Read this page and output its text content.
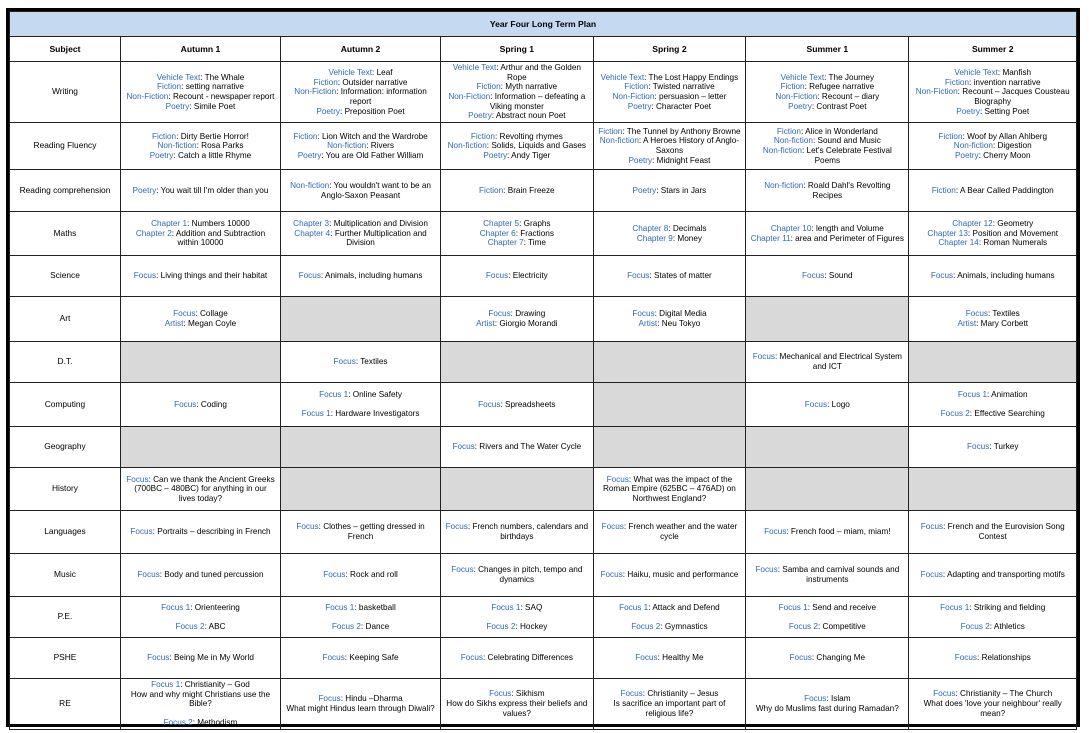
Year Four Long Term Plan						
Subject	Autumn 1	Autumn 2	Spring 1	Spring 2	Summer 1	Summer 2
Writing	Vehicle Text: The Whale
Fiction: setting narrative
Non-Fiction: Recount - newspaper report
Poetry: Simile Poet	Vehicle Text: Leaf
Fiction: Outsider narrative
Non-Fiction: Information: information report
Poetry: Preposition Poet	Vehicle Text: Arthur and the Golden Rope
Fiction: Myth narrative
Non-Fiction: Information – defeating a Viking monster
Poetry: Abstract noun Poet	Vehicle Text: The Lost Happy Endings
Fiction: Twisted narrative
Non-Fiction: persuasion – letter
Poetry: Character Poet	Vehicle Text: The Journey
Fiction: Refugee narrative
Non-Fiction: Recount – diary
Poetry: Contrast Poet	Vehicle Text: Manfish
Fiction: invention narrative
Non-Fiction: Recount – Jacques Cousteau Biography
Poetry: Setting Poet

Reading Fluency	Fiction: Dirty Bertie Horror!
Non-fiction: Rosa Parks
Poetry: Catch a little Rhyme	Fiction: Lion Witch and the Wardrobe
Non-fiction: Rivers
Poetry: You are Old Father William	Fiction: Revolting rhymes
Non-fiction: Solids, Liquids and Gases
Poetry: Andy Tiger	Fiction: The Tunnel by Anthony Browne
Non-fiction: A Heroes History of Anglo-Saxons
Poetry: Midnight Feast	Fiction: Alice in Wonderland
Non-fiction: Sound and Music
Non-fiction: Let's Celebrate Festival Poems	Fiction: Woof by Allan Ahlberg
Non-fiction: Digestion
Poetry: Cherry Moon

Reading comprehension	Poetry: You wait till I'm older than you	Non-fiction: You wouldn't want to be an Anglo-Saxon Peasant	Fiction: Brain Freeze	Poetry: Stars in Jars	Non-fiction: Roald Dahl's Revolting Recipes	Fiction: A Bear Called Paddington

Maths	Chapter 1: Numbers 10000
Chapter 2: Addition and Subtraction within 10000	Chapter 3: Multiplication and Division
Chapter 4: Further Multiplication and Division	Chapter 5: Graphs
Chapter 6: Fractions
Chapter 7: Time	Chapter 8: Decimals
Chapter 9: Money	Chapter 10: length and Volume
Chapter 11: area and Perimeter of Figures	Chapter 12: Geometry
Chapter 13: Position and Movement
Chapter 14: Roman Numerals

Science	Focus: Living things and their habitat	Focus: Animals, including humans	Focus: Electricity	Focus: States of matter	Focus: Sound	Focus: Animals, including humans

Art	Focus: Collage
Artist: Megan Coyle		Focus: Drawing
Artist: Giorgio Morandi	Focus: Digital Media
Artist: Neu Tokyo		Focus: Textiles
Artist: Mary Corbett

D.T.		Focus: Textiles			Focus: Mechanical and Electrical System and ICT	

Computing	Focus: Coding	Focus 1: Online Safety
Focus 1: Hardware Investigators	Focus: Spreadsheets		Focus: Logo	Focus 1: Animation
Focus 2: Effective Searching

Geography			Focus: Rivers and The Water Cycle			Focus: Turkey

History	Focus: Can we thank the Ancient Greeks (700BC – 480BC) for anything in our lives today?			Focus: What was the impact of the Roman Empire (625BC – 476AD) on Northwest England?		

Languages	Focus: Portraits – describing in French	Focus: Clothes – getting dressed in French	Focus: French numbers, calendars and birthdays	Focus: French weather and the water cycle	Focus: French food – miam, miam!	Focus: French and the Eurovision Song Contest

Music	Focus: Body and tuned percussion	Focus: Rock and roll	Focus: Changes in pitch, tempo and dynamics	Focus: Haiku, music and performance	Focus: Samba and carnival sounds and instruments	Focus: Adapting and transporting motifs

P.E.	Focus 1: Orienteering
Focus 2: ABC	Focus 1: basketball
Focus 2: Dance	Focus 1: SAQ
Focus 2: Hockey	Focus 1: Attack and Defend
Focus 2: Gymnastics	Focus 1: Send and receive
Focus 2: Competitive	Focus 1: Striking and fielding
Focus 2: Athletics

PSHE	Focus: Being Me in My World	Focus: Keeping Safe	Focus: Celebrating Differences	Focus: Healthy Me	Focus: Changing Me	Focus: Relationships

RE	Focus 1: Christianity – God
How and why might Christians use the Bible?
Focus 2: Methodism	Focus: Hindu –Dharma
What might Hindus learn through Diwali?	Focus: Sikhism
How do Sikhs express their beliefs and values?	Focus: Christianity – Jesus
Is sacrifice an important part of religious life?	Focus: Islam
Why do Muslims fast during Ramadan?	Focus: Christianity – The Church
What does 'love your neighbour' really mean?
